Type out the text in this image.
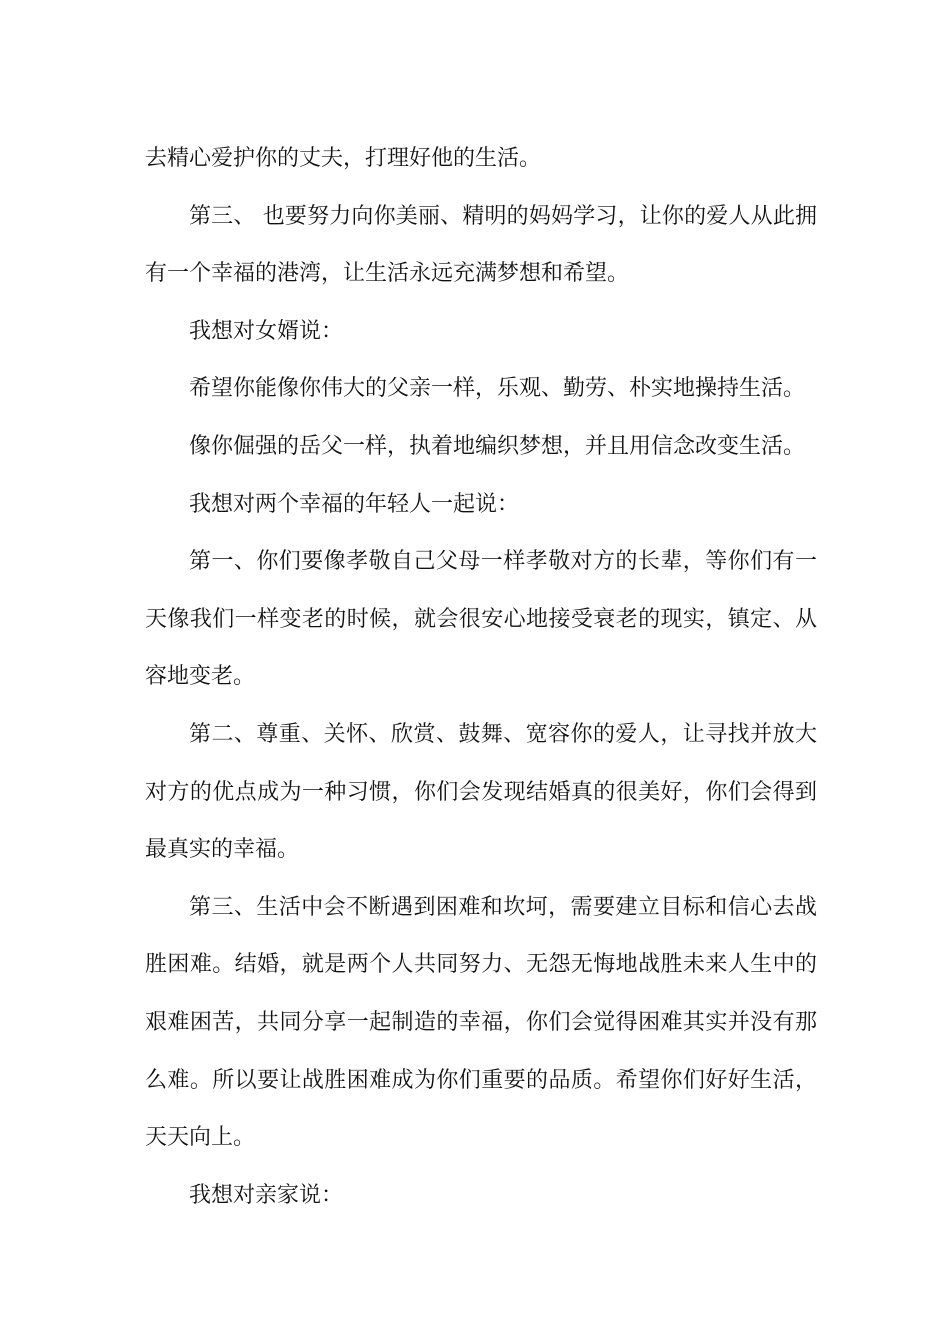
去精心爱护你的丈夫，打理好他的生活。

第三、 也要努力向你美丽、精明的妈妈学习，让你的爱人从此拥有一个幸福的港湾，让生活永远充满梦想和希望。

我想对女婿说：

希望你能像你伟大的父亲一样，乐观、勤劳、朴实地操持生活。

像你倔强的岳父一样，执着地编织梦想，并且用信念改变生活。

我想对两个幸福的年轻人一起说：

第一、你们要像孝敬自己父母一样孝敬对方的长辈，等你们有一天像我们一样变老的时候，就会很安心地接受衰老的现实，镇定、从容地变老。

第二、尊重、关怀、欣赏、鼓舞、宽容你的爱人，让寻找并放大对方的优点成为一种习惯，你们会发现结婚真的很美好，你们会得到最真实的幸福。

第三、生活中会不断遇到困难和坎坷，需要建立目标和信心去战胜困难。结婚，就是两个人共同努力、无怨无悔地战胜未来人生中的艰难困苦，共同分享一起制造的幸福，你们会觉得困难其实并没有那么难。所以要让战胜困难成为你们重要的品质。希望你们好好生活，天天向上。

我想对亲家说：
